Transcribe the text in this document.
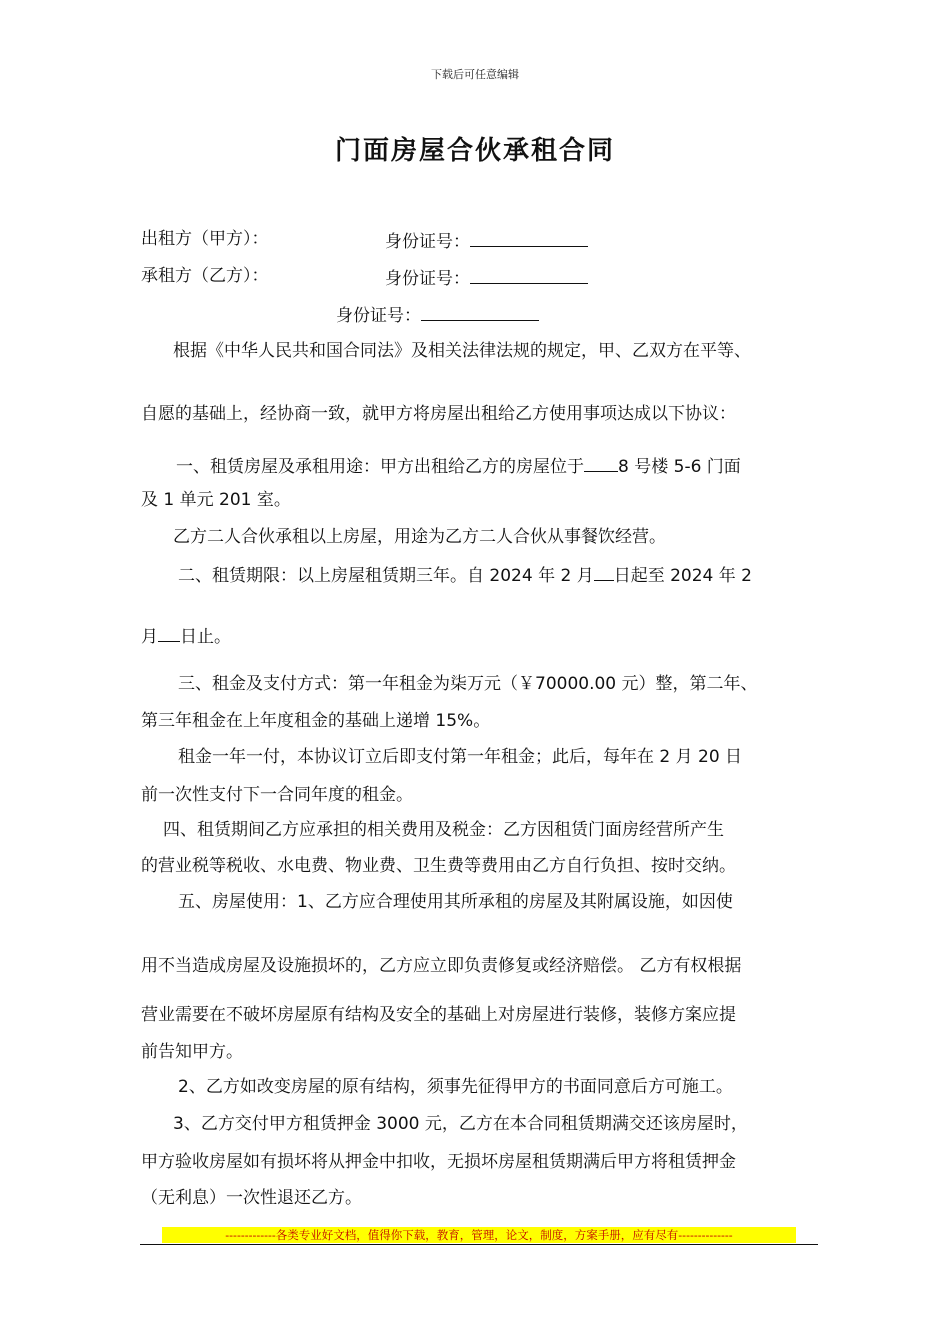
下载后可任意编辑
门面房屋合伙承租合同
出租方（甲方）：	身份证号：
承租方（乙方）：	身份证号：
身份证号：
根据《中华人民共和国合同法》及相关法律法规的规定，甲、乙双方在平等、
自愿的基础上，经协商一致，就甲方将房屋出租给乙方使用事项达成以下协议：
一、租赁房屋及承租用途：甲方出租给乙方的房屋位于 8 号楼 5-6 门面
及 1 单元 201 室。
乙方二人合伙承租以上房屋，用途为乙方二人合伙从事餐饮经营。
二、租赁期限：以上房屋租赁期三年。自 2024 年 2 月 日起至 2024 年 2
月 日止。
三、租金及支付方式：第一年租金为柒万元（￥70000.00 元）整，第二年、
第三年租金在上年度租金的基础上递增 15%。
租金一年一付，本协议订立后即支付第一年租金；此后，每年在 2 月 20 日
前一次性支付下一合同年度的租金。
四、租赁期间乙方应承担的相关费用及税金：乙方因租赁门面房经营所产生
的营业税等税收、水电费、物业费、卫生费等费用由乙方自行负担、按时交纳。
五、房屋使用：1、乙方应合理使用其所承租的房屋及其附属设施，如因使
用不当造成房屋及设施损坏的，乙方应立即负责修复或经济赔偿。 乙方有权根据
营业需要在不破坏房屋原有结构及安全的基础上对房屋进行装修，装修方案应提
前告知甲方。
2、乙方如改变房屋的原有结构，须事先征得甲方的书面同意后方可施工。
3、乙方交付甲方租赁押金 3000 元，乙方在本合同租赁期满交还该房屋时，
甲方验收房屋如有损坏将从押金中扣收，无损坏房屋租赁期满后甲方将租赁押金
（无利息）一次性退还乙方。
-------------各类专业好文档，值得你下载，教育，管理，论文，制度，方案手册，应有尽有--------------
